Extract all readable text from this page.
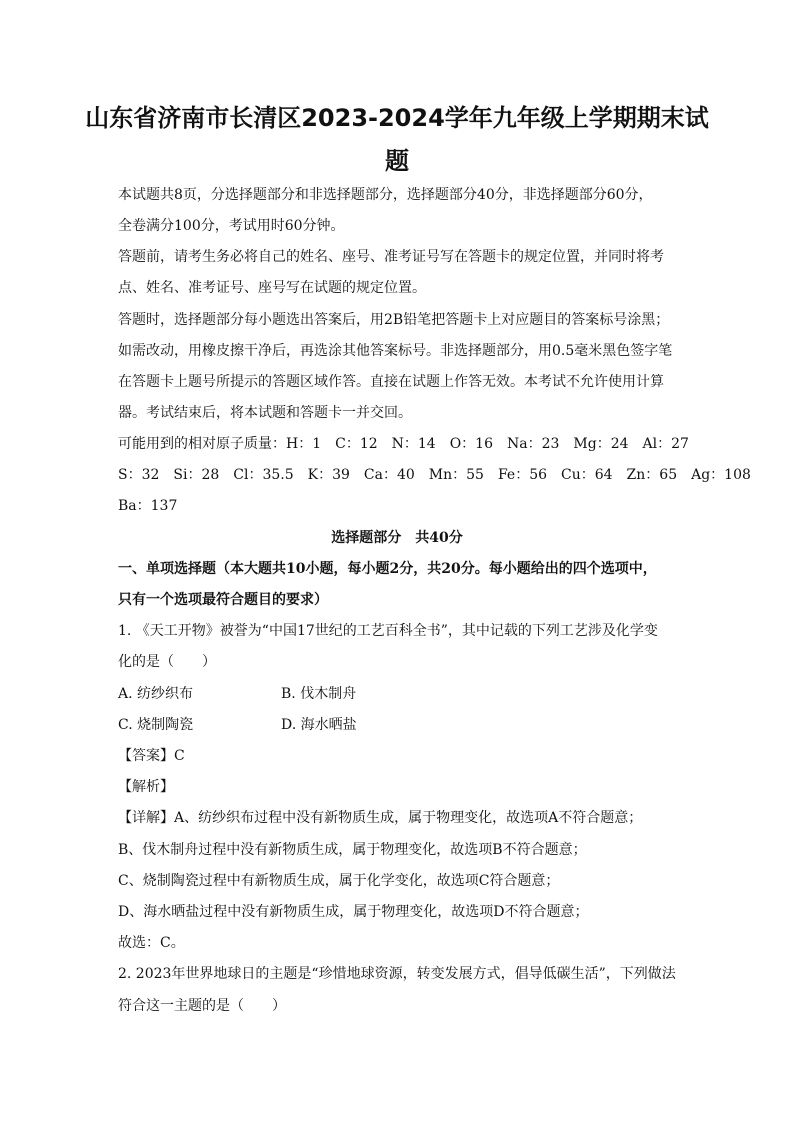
山东省济南市长清区2023-2024学年九年级上学期期末试
题
本试题共8页，分选择题部分和非选择题部分，选择题部分40分，非选择题部分60分，
全卷满分100分，考试用时60分钟。
答题前，请考生务必将自己的姓名、座号、准考证号写在答题卡的规定位置，并同时将考
点、姓名、准考证号、座号写在试题的规定位置。
答题时，选择题部分每小题选出答案后，用2B铅笔把答题卡上对应题目的答案标号涂黑；
如需改动，用橡皮擦干净后，再选涂其他答案标号。非选择题部分，用0.5毫米黑色签字笔
在答题卡上题号所提示的答题区域作答。直接在试题上作答无效。本考试不允许使用计算
器。考试结束后，将本试题和答题卡一并交回。
可能用到的相对原子质量：H：1　C：12　N：14　O：16　Na：23　Mg：24　Al：27
S：32　Si：28　Cl：35.5　K：39　Ca：40　Mn：55　Fe：56　Cu：64　Zn：65　Ag：108
Ba：137
选择题部分　共40分
一、单项选择题（本大题共10小题，每小题2分，共20分。每小题给出的四个选项中，
只有一个选项最符合题目的要求）
1. 《天工开物》被誉为“中国17世纪的工艺百科全书”，其中记载的下列工艺涉及化学变
化的是（　　）
A. 纺纱织布	B. 伐木制舟
C. 烧制陶瓷	D. 海水晒盐
【答案】C
【解析】
【详解】A、纺纱织布过程中没有新物质生成，属于物理变化，故选项A不符合题意；
B、伐木制舟过程中没有新物质生成，属于物理变化，故选项B不符合题意；
C、烧制陶瓷过程中有新物质生成，属于化学变化，故选项C符合题意；
D、海水晒盐过程中没有新物质生成，属于物理变化，故选项D不符合题意；
故选：C。
2. 2023年世界地球日的主题是“珍惜地球资源，转变发展方式，倡导低碳生活”，下列做法
符合这一主题的是（　　）
